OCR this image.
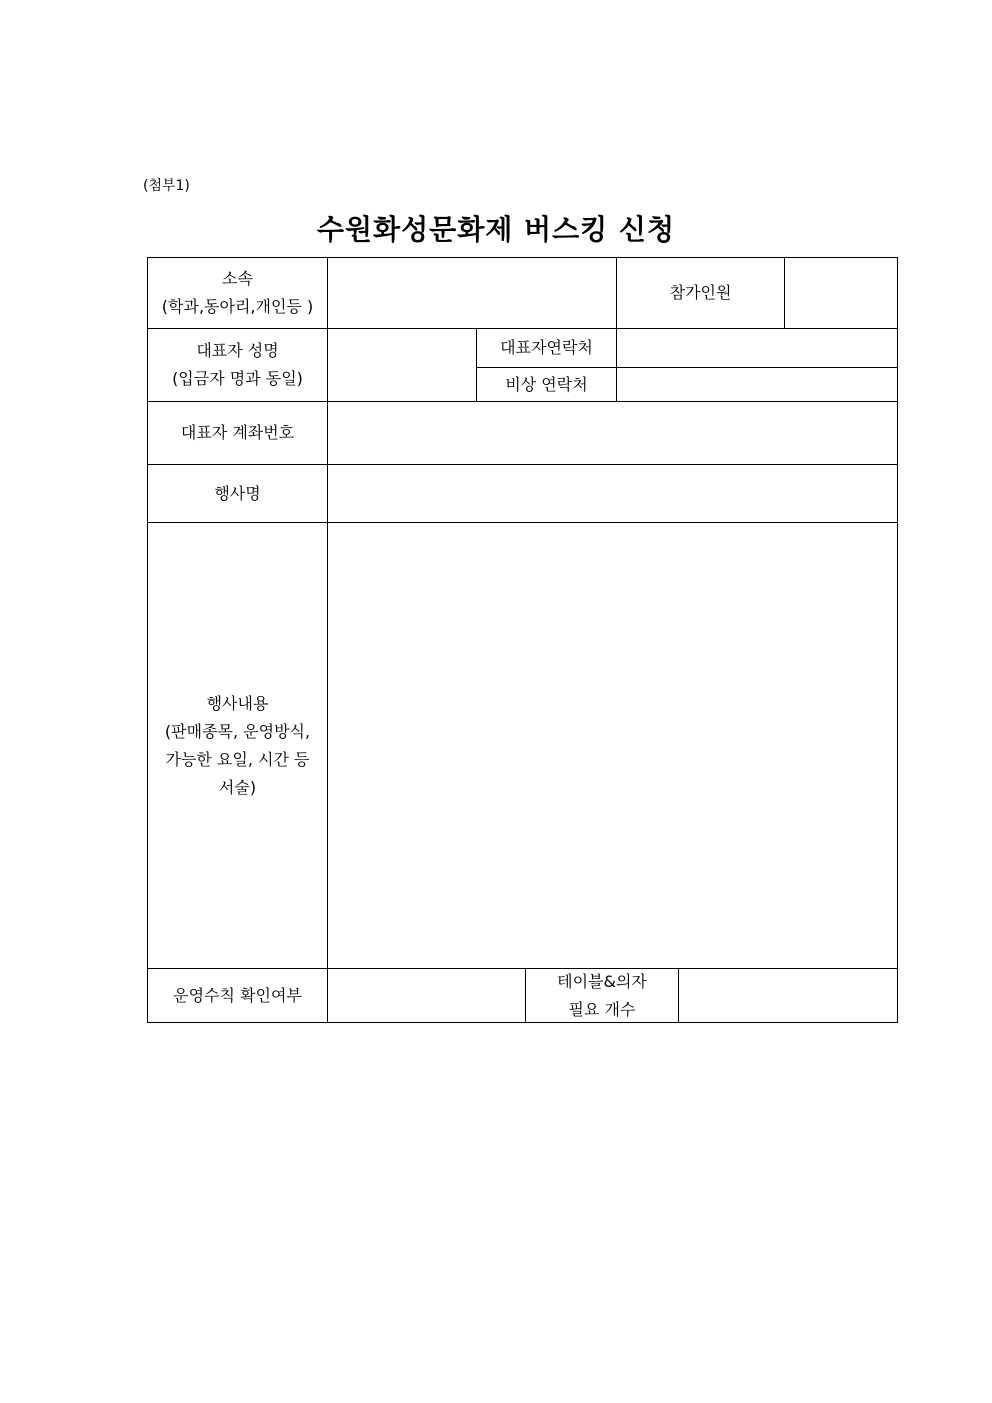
(첨부1)
수원화성문화제 버스킹 신청
소속
(학과,동아리,개인등 )
참가인원
대표자 성명
(입금자 명과 동일)
대표자연락처
비상 연락처
대표자 계좌번호
행사명
행사내용
(판매종목, 운영방식,
가능한 요일, 시간 등
서술)
운영수칙 확인여부
테이블&의자
필요 개수
